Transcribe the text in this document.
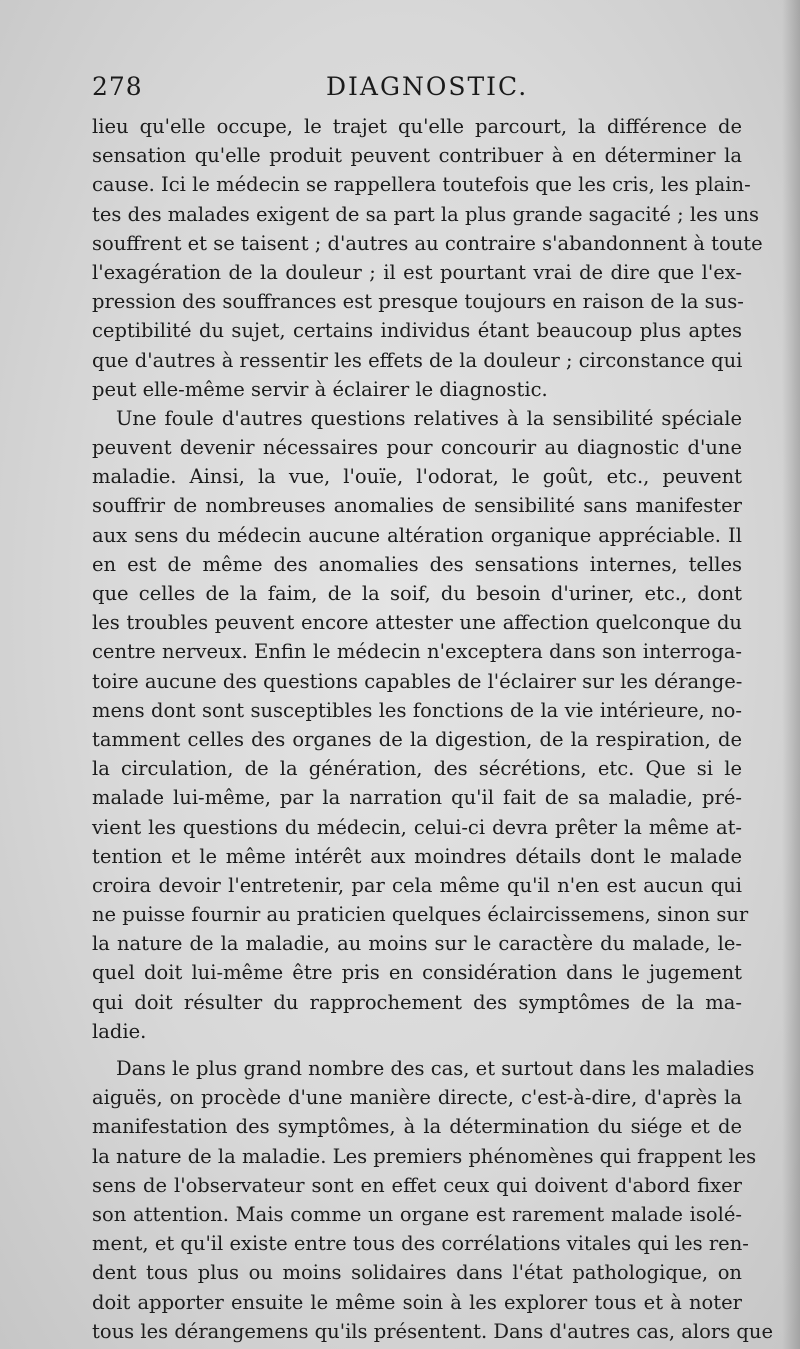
278	DIAGNOSTIC.
lieu qu'elle occupe, le trajet qu'elle parcourt, la différence de
sensation qu'elle produit peuvent contribuer à en déterminer la
cause. Ici le médecin se rappellera toutefois que les cris, les plain-
tes des malades exigent de sa part la plus grande sagacité ; les uns
souffrent et se taisent ; d'autres au contraire s'abandonnent à toute
l'exagération de la douleur ; il est pourtant vrai de dire que l'ex-
pression des souffrances est presque toujours en raison de la sus-
ceptibilité du sujet, certains individus étant beaucoup plus aptes
que d'autres à ressentir les effets de la douleur ; circonstance qui
peut elle-même servir à éclairer le diagnostic.
Une foule d'autres questions relatives à la sensibilité spéciale
peuvent devenir nécessaires pour concourir au diagnostic d'une
maladie. Ainsi, la vue, l'ouïe, l'odorat, le goût, etc., peuvent
souffrir de nombreuses anomalies de sensibilité sans manifester
aux sens du médecin aucune altération organique appréciable. Il
en est de même des anomalies des sensations internes, telles
que celles de la faim, de la soif, du besoin d'uriner, etc., dont
les troubles peuvent encore attester une affection quelconque du
centre nerveux. Enfin le médecin n'exceptera dans son interroga-
toire aucune des questions capables de l'éclairer sur les dérange-
mens dont sont susceptibles les fonctions de la vie intérieure, no-
tamment celles des organes de la digestion, de la respiration, de
la circulation, de la génération, des sécrétions, etc. Que si le
malade lui-même, par la narration qu'il fait de sa maladie, pré-
vient les questions du médecin, celui-ci devra prêter la même at-
tention et le même intérêt aux moindres détails dont le malade
croira devoir l'entretenir, par cela même qu'il n'en est aucun qui
ne puisse fournir au praticien quelques éclaircissemens, sinon sur
la nature de la maladie, au moins sur le caractère du malade, le-
quel doit lui-même être pris en considération dans le jugement
qui doit résulter du rapprochement des symptômes de la ma-
ladie.
Dans le plus grand nombre des cas, et surtout dans les maladies
aiguës, on procède d'une manière directe, c'est-à-dire, d'après la
manifestation des symptômes, à la détermination du siége et de
la nature de la maladie. Les premiers phénomènes qui frappent les
sens de l'observateur sont en effet ceux qui doivent d'abord fixer
son attention. Mais comme un organe est rarement malade isolé-
ment, et qu'il existe entre tous des corrélations vitales qui les ren-
dent tous plus ou moins solidaires dans l'état pathologique, on
doit apporter ensuite le même soin à les explorer tous et à noter
tous les dérangemens qu'ils présentent. Dans d'autres cas, alors que
